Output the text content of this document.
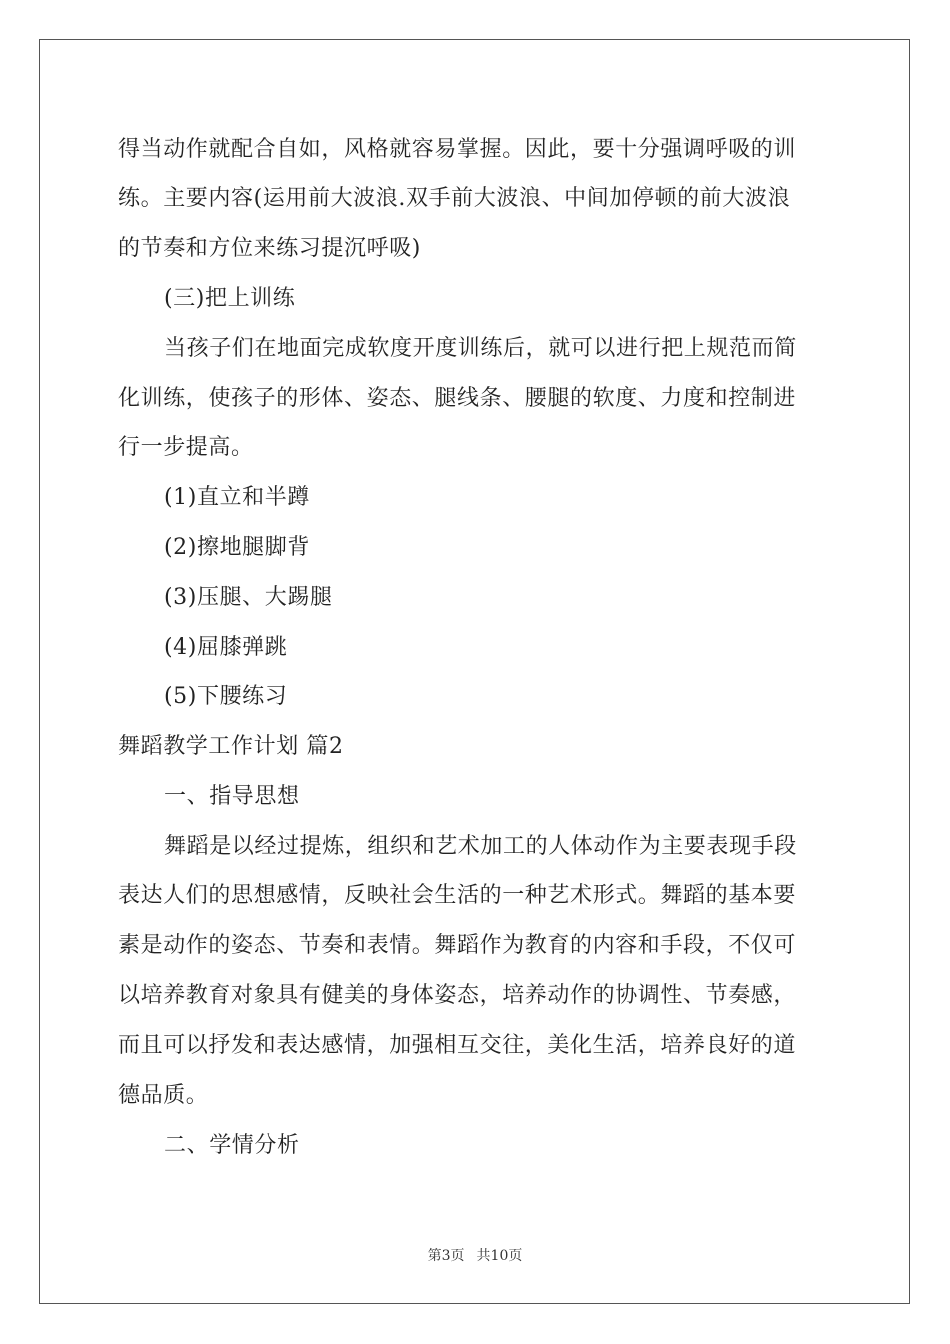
得当动作就配合自如，风格就容易掌握。因此，要十分强调呼吸的训
练。主要内容(运用前大波浪.双手前大波浪、中间加停顿的前大波浪
的节奏和方位来练习提沉呼吸)
(三)把上训练
当孩子们在地面完成软度开度训练后，就可以进行把上规范而简
化训练，使孩子的形体、姿态、腿线条、腰腿的软度、力度和控制进
行一步提高。
(1)直立和半蹲
(2)擦地腿脚背
(3)压腿、大踢腿
(4)屈膝弹跳
(5)下腰练习
舞蹈教学工作计划 篇2
一、指导思想
舞蹈是以经过提炼，组织和艺术加工的人体动作为主要表现手段
表达人们的思想感情，反映社会生活的一种艺术形式。舞蹈的基本要
素是动作的姿态、节奏和表情。舞蹈作为教育的内容和手段，不仅可
以培养教育对象具有健美的身体姿态，培养动作的协调性、节奏感，
而且可以抒发和表达感情，加强相互交往，美化生活，培养良好的道
德品质。
二、学情分析
第3页 共10页
